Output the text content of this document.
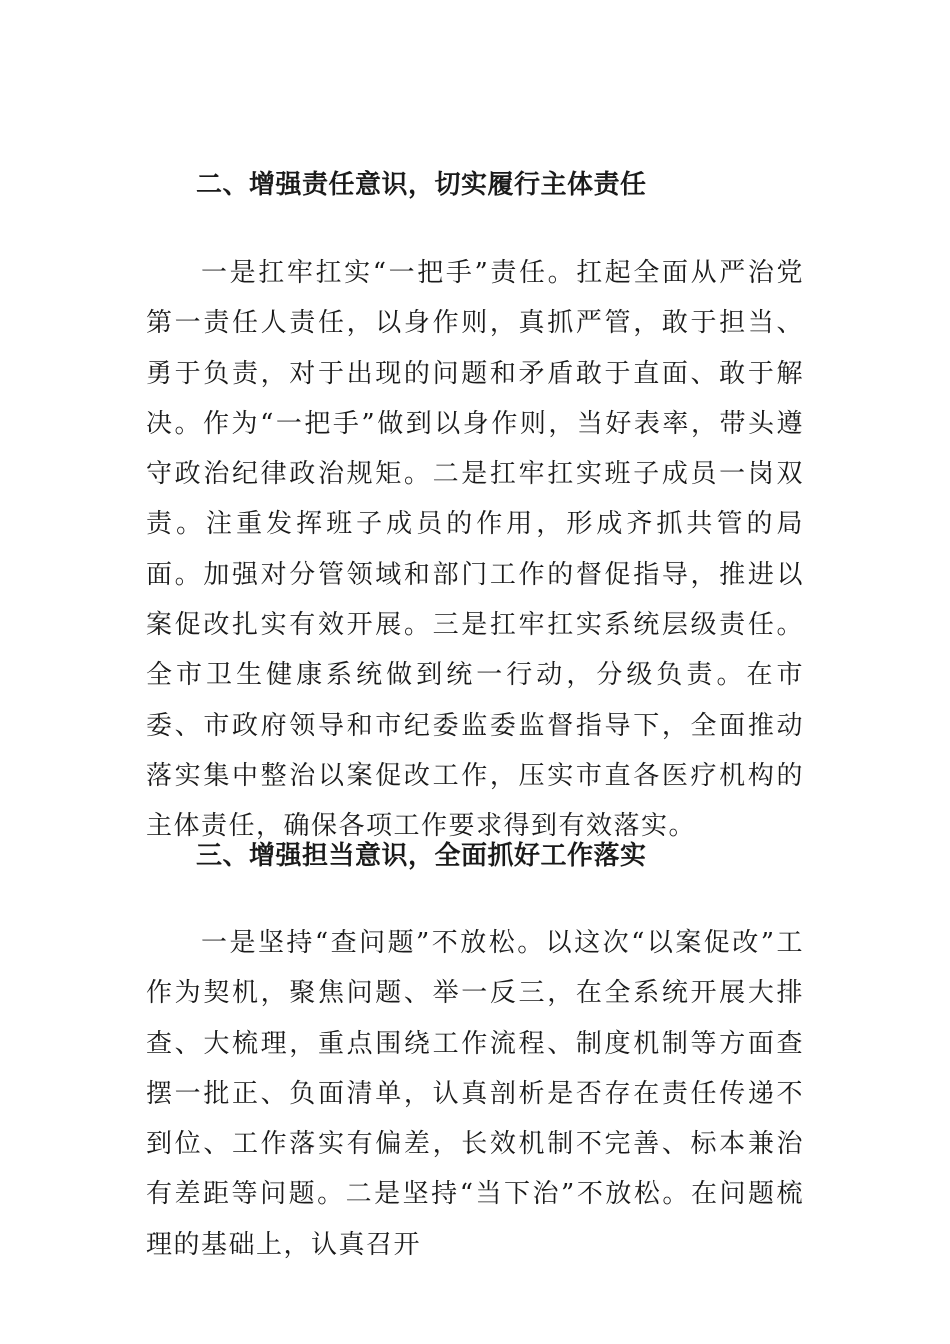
二、增强责任意识，切实履行主体责任

一是扛牢扛实“一把手”责任。扛起全面从严治党第一责任人责任，以身作则，真抓严管，敢于担当、勇于负责，对于出现的问题和矛盾敢于直面、敢于解决。作为“一把手”做到以身作则，当好表率，带头遵守政治纪律政治规矩。二是扛牢扛实班子成员一岗双责。注重发挥班子成员的作用，形成齐抓共管的局面。加强对分管领域和部门工作的督促指导，推进以案促改扎实有效开展。三是扛牢扛实系统层级责任。全市卫生健康系统做到统一行动，分级负责。在市委、市政府领导和市纪委监委监督指导下，全面推动落实集中整治以案促改工作，压实市直各医疗机构的主体责任，确保各项工作要求得到有效落实。

三、增强担当意识，全面抓好工作落实

一是坚持“查问题”不放松。以这次“以案促改”工作为契机，聚焦问题、举一反三，在全系统开展大排查、大梳理，重点围绕工作流程、制度机制等方面查摆一批正、负面清单，认真剖析是否存在责任传递不到位、工作落实有偏差，长效机制不完善、标本兼治有差距等问题。二是坚持“当下治”不放松。在问题梳理的基础上，认真召开
